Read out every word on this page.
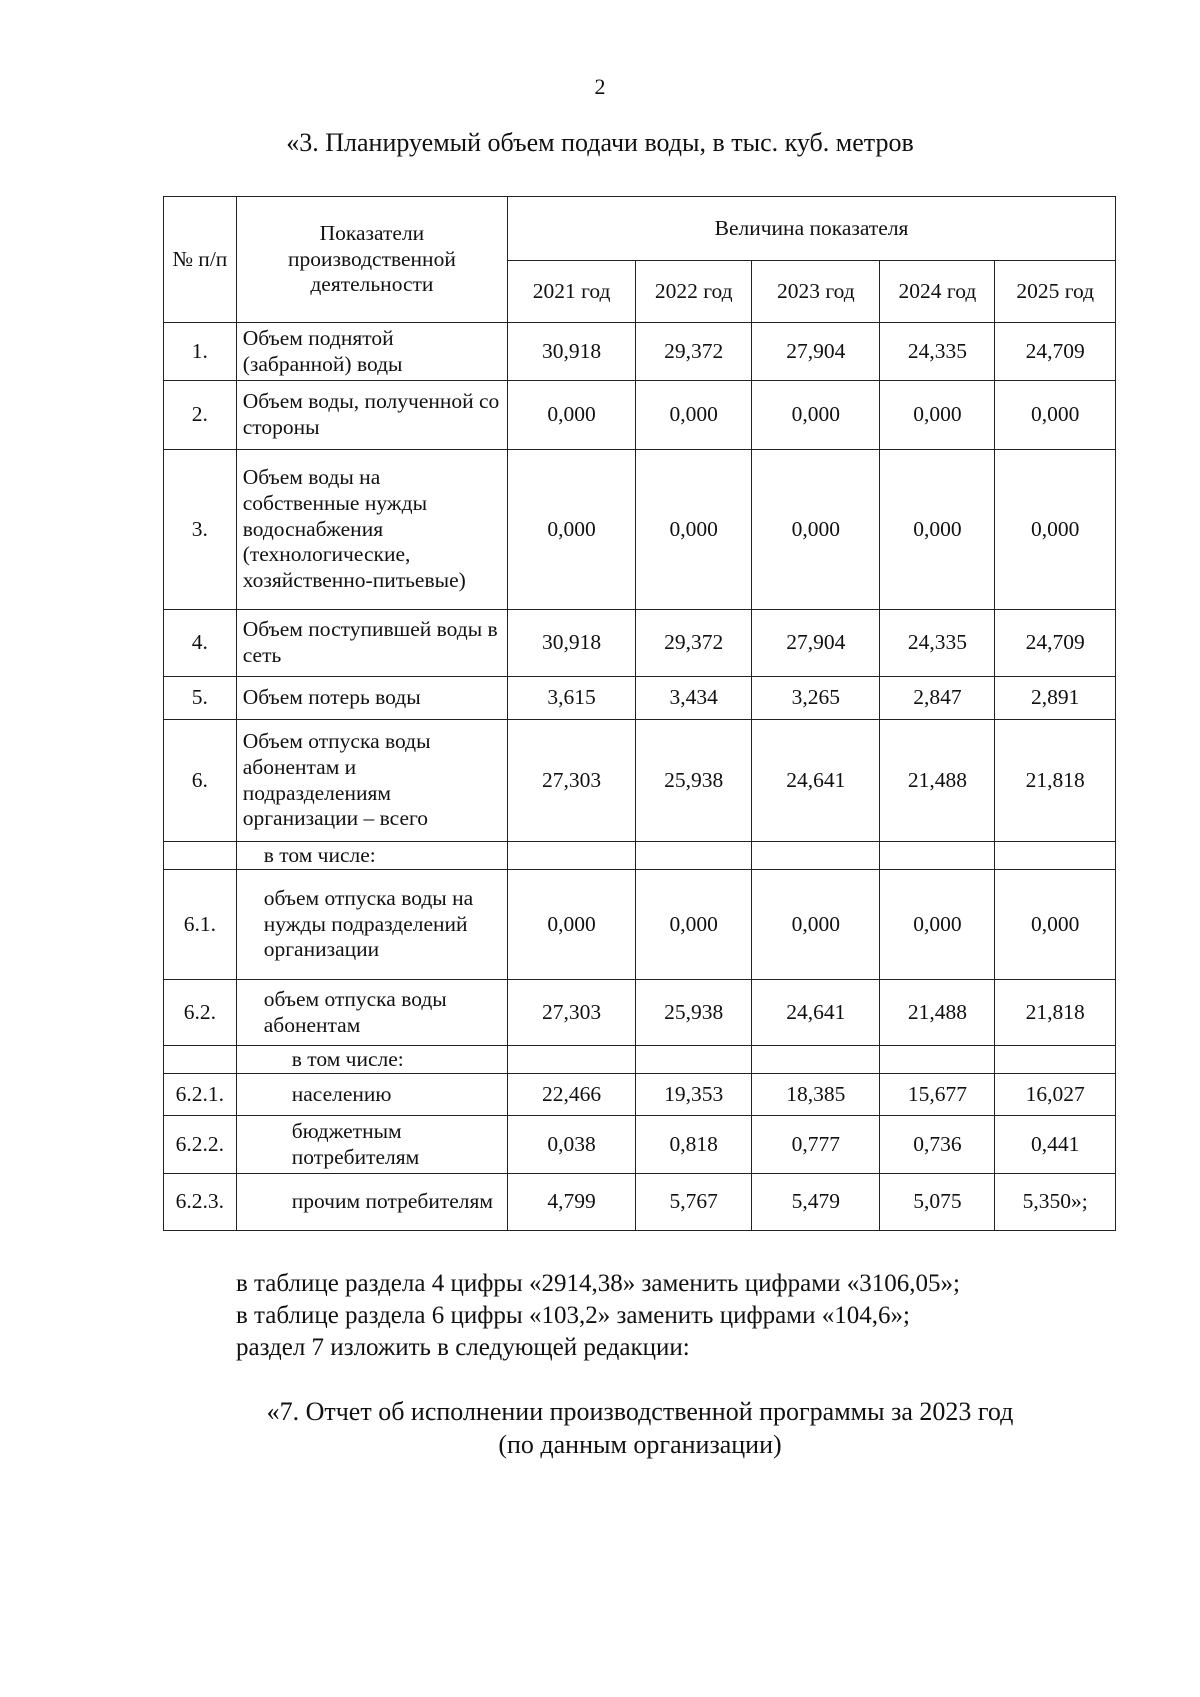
2
«3. Планируемый объем подачи воды, в тыс. куб. метров
№ п/п	Показатели производственной деятельности	Величина показателя				
		2021 год	2022 год	2023 год	2024 год	2025 год
1.	Объем поднятой (забранной) воды	30,918	29,372	27,904	24,335	24,709
2.	Объем воды, полученной со стороны	0,000	0,000	0,000	0,000	0,000
3.	Объем воды на собственные нужды водоснабжения (технологические, хозяйственно-питьевые)	0,000	0,000	0,000	0,000	0,000
4.	Объем поступившей воды в сеть	30,918	29,372	27,904	24,335	24,709
5.	Объем потерь воды	3,615	3,434	3,265	2,847	2,891
6.	Объем отпуска воды абонентам и подразделениям организации – всего	27,303	25,938	24,641	21,488	21,818
	в том числе:					
6.1.	объем отпуска воды на нужды подразделений организации	0,000	0,000	0,000	0,000	0,000
6.2.	объем отпуска воды абонентам	27,303	25,938	24,641	21,488	21,818
	в том числе:					
6.2.1.	населению	22,466	19,353	18,385	15,677	16,027
6.2.2.	бюджетным потребителям	0,038	0,818	0,777	0,736	0,441
6.2.3.	прочим потребителям	4,799	5,767	5,479	5,075	5,350»;

в таблице раздела 4 цифры «2914,38» заменить цифрами «3106,05»;

в таблице раздела 6 цифры «103,2» заменить цифрами «104,6»;

раздел 7 изложить в следующей редакции:

«7. Отчет об исполнении производственной программы за 2023 год

(по данным организации)
